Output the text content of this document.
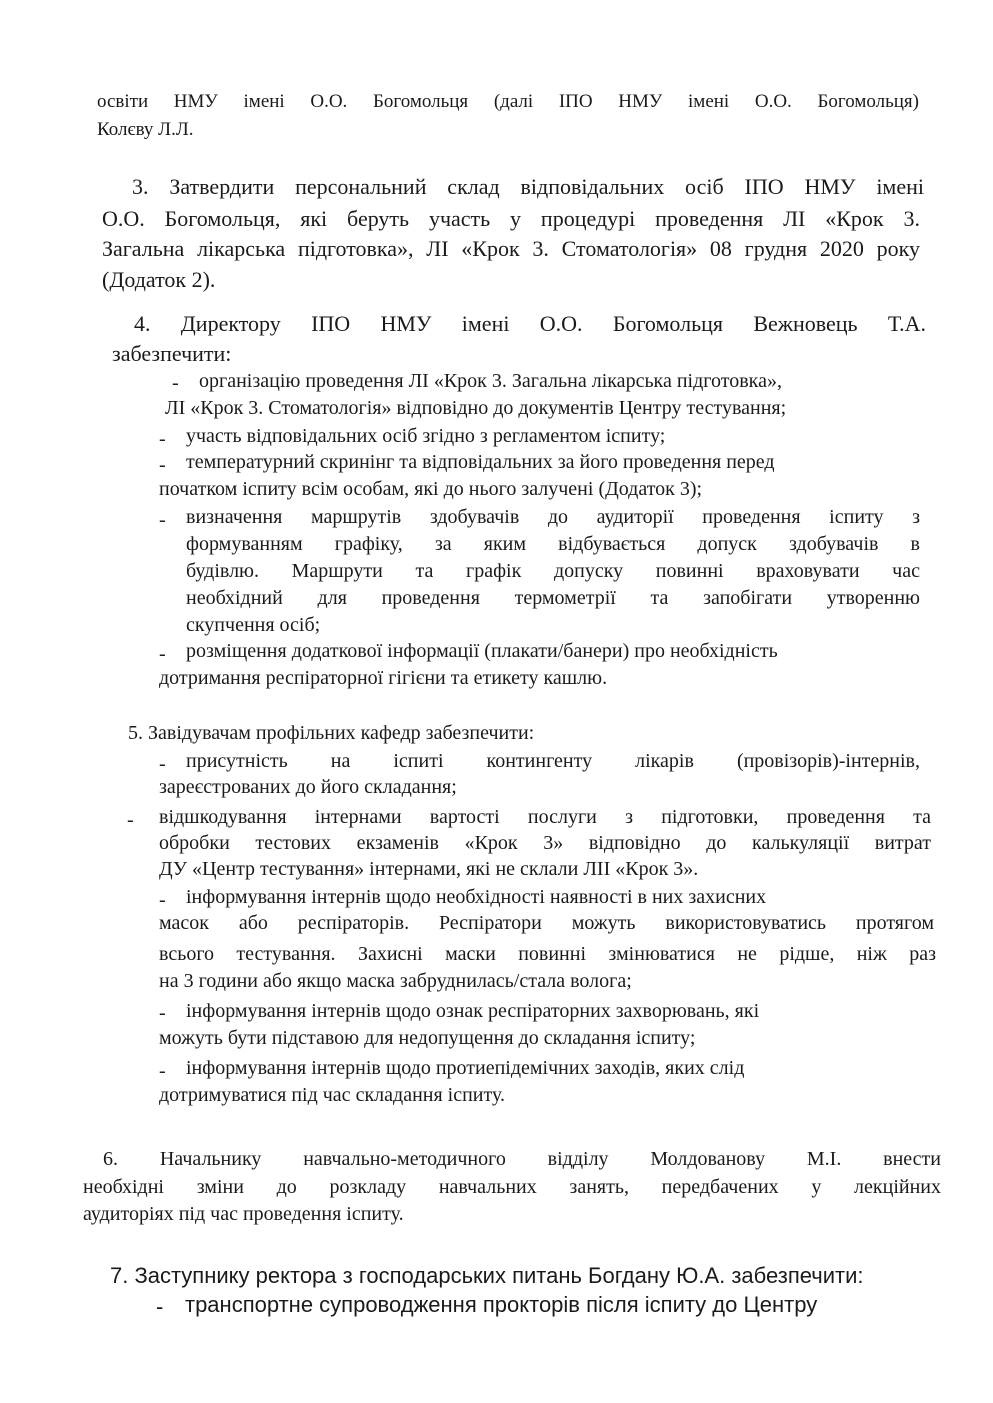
освіти НМУ імені О.О. Богомольця (далі ІПО НМУ імені О.О. Богомольця)
Колєву Л.Л.
3. Затвердити персональний склад відповідальних осіб ІПО НМУ імені
О.О. Богомольця, які беруть участь у процедурі проведення ЛІ «Крок 3.
Загальна лікарська підготовка», ЛІ «Крок 3. Стоматологія» 08 грудня 2020 року
(Додаток 2).
4. Директору ІПО НМУ імені О.О. Богомольця Вежновець Т.А.
забезпечити:
- організацію проведення ЛІ «Крок 3. Загальна лікарська підготовка»,
ЛІ «Крок 3. Стоматологія» відповідно до документів Центру тестування;
- участь відповідальних осіб згідно з регламентом іспиту;
- температурний скринінг та відповідальних за його проведення перед
початком іспиту всім особам, які до нього залучені (Додаток 3);
- визначення маршрутів здобувачів до аудиторії проведення іспиту з
формуванням графіку, за яким відбувається допуск здобувачів в
будівлю. Маршрути та графік допуску повинні враховувати час
необхідний для проведення термометрії та запобігати утворенню
скупчення осіб;
- розміщення додаткової інформації (плакати/банери) про необхідність
дотримання респіраторної гігієни та етикету кашлю.
5. Завідувачам профільних кафедр забезпечити:
- присутність на іспиті контингенту лікарів (провізорів)-інтернів,
зареєстрованих до його складання;
- відшкодування інтернами вартості послуги з підготовки, проведення та
обробки тестових екзаменів «Крок 3» відповідно до калькуляції витрат
ДУ «Центр тестування» інтернами, які не склали ЛІІ «Крок 3».
- інформування інтернів щодо необхідності наявності в них захисних
масок або респіраторів. Респіратори можуть використовуватись протягом
всього тестування. Захисні маски повинні змінюватися не рідше, ніж раз
на 3 години або якщо маска забруднилась/стала волога;
- інформування інтернів щодо ознак респіраторних захворювань, які
можуть бути підставою для недопущення до складання іспиту;
- інформування інтернів щодо протиепідемічних заходів, яких слід
дотримуватися під час складання іспиту.
6. Начальнику навчально-методичного відділу Молдованову М.І. внести
необхідні зміни до розкладу навчальних занять, передбачених у лекційних
аудиторіях під час проведення іспиту.
7. Заступнику ректора з господарських питань Богдану Ю.А. забезпечити:
- транспортне супроводження прокторів після іспиту до Центру
